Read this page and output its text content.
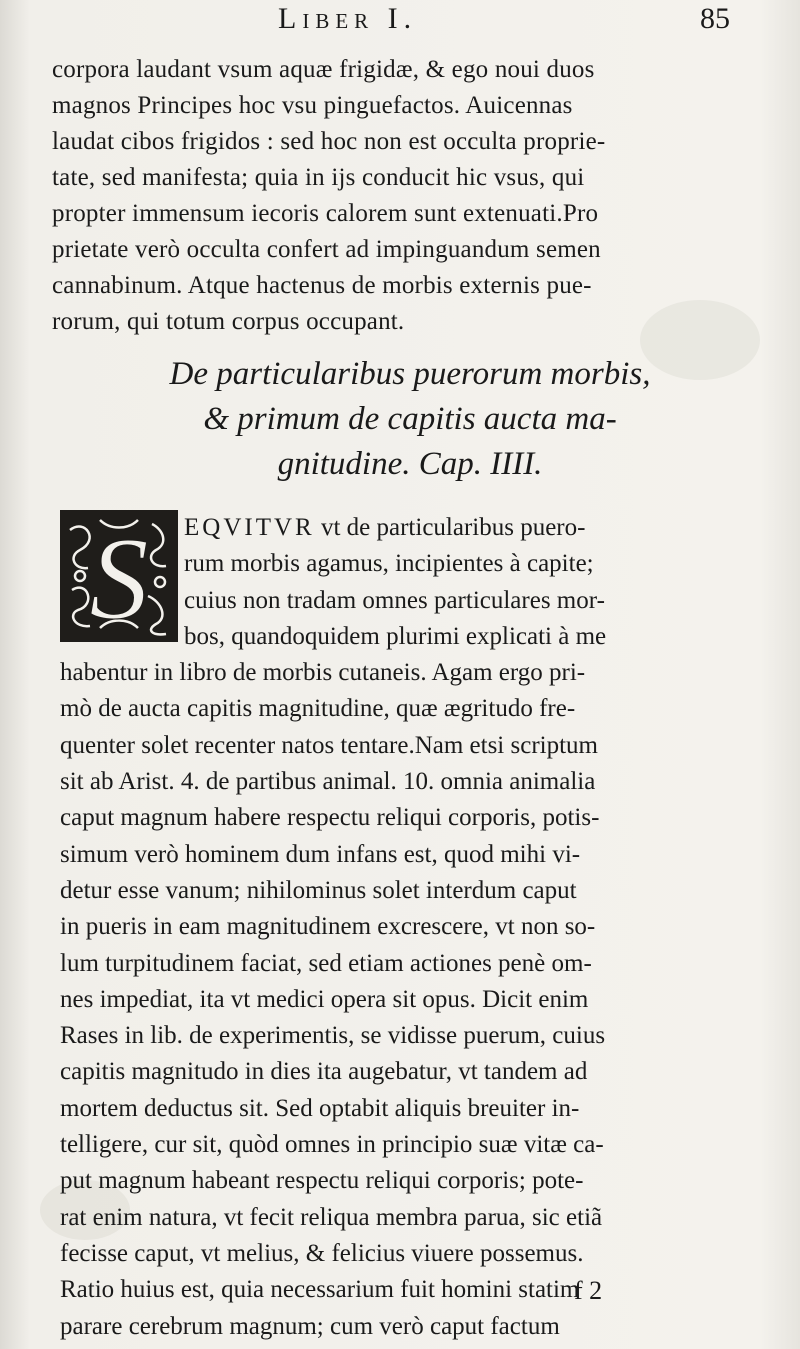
Liber I.	85
corpora laudant vsum aquæ frigidæ, & ego noui duos
magnos Principes hoc vsu pinguefactos. Auicennas
laudat cibos frigidos : sed hoc non est occulta proprie-
tate, sed manifesta; quia in ijs conducit hic vsus, qui
propter immensum iecoris calorem sunt extenuati.Pro
prietate verò occulta confert ad impinguandum semen
cannabinum. Atque hactenus de morbis externis pue-
rorum, qui totum corpus occupant.
De particularibus puerorum morbis,
& primum de capitis aucta ma-
gnitudine. Cap. IIII.
S	EQVITVR vt de particularibus puero-
rum morbis agamus, incipientes à capite;
cuius non tradam omnes particulares mor-
bos, quandoquidem plurimi explicati à me
habentur in libro de morbis cutaneis. Agam ergo pri-
mò de aucta capitis magnitudine, quæ ægritudo fre-
quenter solet recenter natos tentare.Nam etsi scriptum
sit ab Arist. 4. de partibus animal. 10. omnia animalia
caput magnum habere respectu reliqui corporis, potis-
simum verò hominem dum infans est, quod mihi vi-
detur esse vanum; nihilominus solet interdum caput
in pueris in eam magnitudinem excrescere, vt non so-
lum turpitudinem faciat, sed etiam actiones penè om-
nes impediat, ita vt medici opera sit opus. Dicit enim
Rases in lib. de experimentis, se vidisse puerum, cuius
capitis magnitudo in dies ita augebatur, vt tandem ad
mortem deductus sit. Sed optabit aliquis breuiter in-
telligere, cur sit, quòd omnes in principio suæ vitæ ca-
put magnum habeant respectu reliqui corporis; pote-
rat enim natura, vt fecit reliqua membra parua, sic etiã
fecisse caput, vt melius, & felicius viuere possemus.
Ratio huius est, quia necessarium fuit homini statim
parare cerebrum magnum; cum verò caput factum
f 2
